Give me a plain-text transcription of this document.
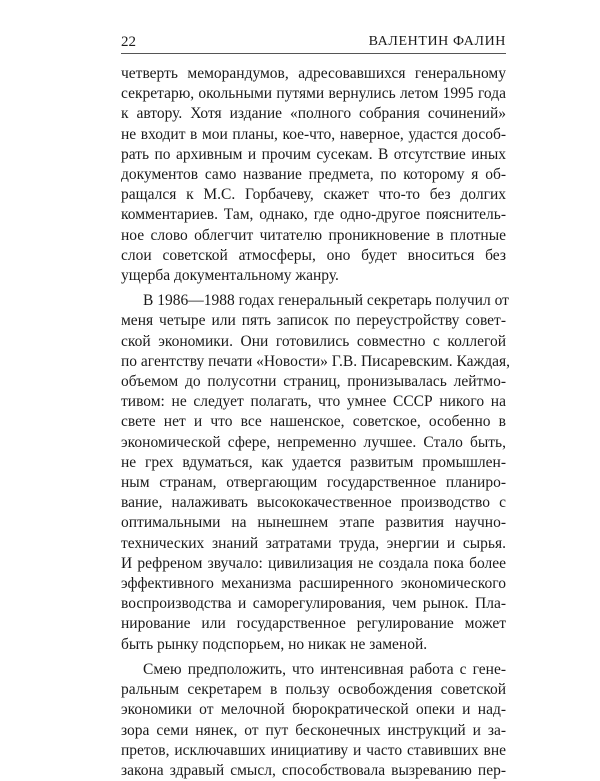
22	ВАЛЕНТИН ФАЛИН

четверть меморандумов, адресовавшихся генеральному
секретарю, окольными путями вернулись летом 1995 года
к автору. Хотя издание «полного собрания сочинений»
не входит в мои планы, кое-что, наверное, удастся дособ-
рать по архивным и прочим сусекам. В отсутствие иных
документов само название предмета, по которому я об-
ращался к М.С. Горбачеву, скажет что-то без долгих
комментариев. Там, однако, где одно-другое пояснитель-
ное слово облегчит читателю проникновение в плотные
слои советской атмосферы, оно будет вноситься без
ущерба документальному жанру.

В 1986—1988 годах генеральный секретарь получил от
меня четыре или пять записок по переустройству совет-
ской экономики. Они готовились совместно с коллегой
по агентству печати «Новости» Г.В. Писаревским. Каждая,
объемом до полусотни страниц, пронизывалась лейтмо-
тивом: не следует полагать, что умнее СССР никого на
свете нет и что все нашенское, советское, особенно в
экономической сфере, непременно лучшее. Стало быть,
не грех вдуматься, как удается развитым промышлен-
ным странам, отвергающим государственное планиро-
вание, налаживать высококачественное производство с
оптимальными на нынешнем этапе развития научно-
технических знаний затратами труда, энергии и сырья.
И рефреном звучало: цивилизация не создала пока более
эффективного механизма расширенного экономического
воспроизводства и саморегулирования, чем рынок. Пла-
нирование или государственное регулирование может
быть рынку подспорьем, но никак не заменой.

Смею предположить, что интенсивная работа с гене-
ральным секретарем в пользу освобождения советской
экономики от мелочной бюрократической опеки и над-
зора семи нянек, от пут бесконечных инструкций и за-
претов, исключавших инициативу и часто ставивших вне
закона здравый смысл, способствовала вызреванию пер-
